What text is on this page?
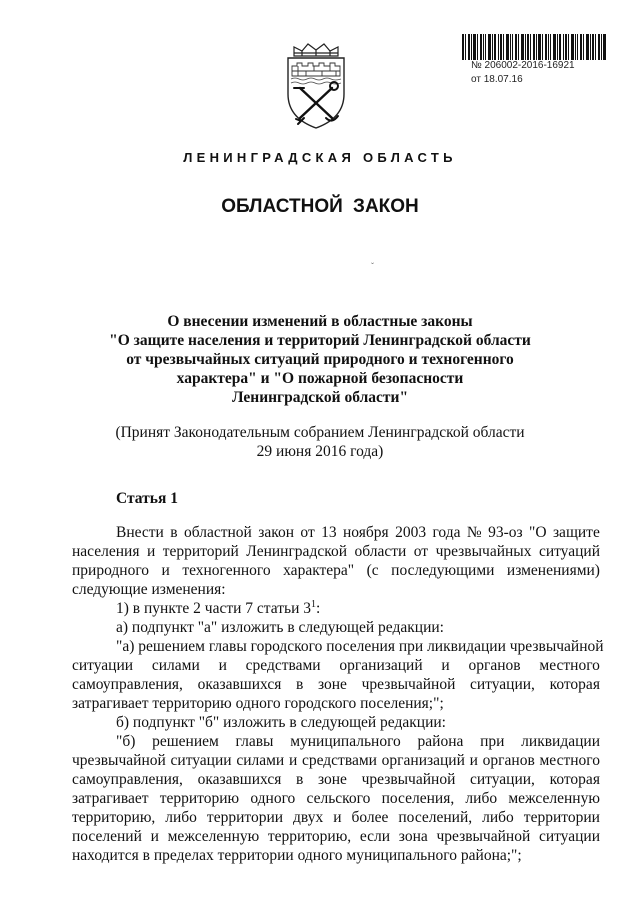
№ 206002-2016-16921
от 18.07.16
ЛЕНИНГРАДСКАЯ ОБЛАСТЬ
ОБЛАСТНОЙ ЗАКОН
ˇ
О внесении изменений в областные законы
"О защите населения и территорий Ленинградской области
от чрезвычайных ситуаций природного и техногенного
характера" и "О пожарной безопасности
Ленинградской области"
(Принят Законодательным собранием Ленинградской области
29 июня 2016 года)
Статья 1
Внести в областной закон от 13 ноября 2003 года № 93-оз "О защите
населения и территорий Ленинградской области от чрезвычайных ситуаций
природного и техногенного характера" (с последующими изменениями)
следующие изменения:
1) в пункте 2 части 7 статьи $3^1$:
а) подпункт "а" изложить в следующей редакции:
"а) решением главы городского поселения при ликвидации чрезвычайной
ситуации силами и средствами организаций и органов местного
самоуправления, оказавшихся в зоне чрезвычайной ситуации, которая
затрагивает территорию одного городского поселения;";
б) подпункт "б" изложить в следующей редакции:
"б) решением главы муниципального района при ликвидации
чрезвычайной ситуации силами и средствами организаций и органов местного
самоуправления, оказавшихся в зоне чрезвычайной ситуации, которая
затрагивает территорию одного сельского поселения, либо межселенную
территорию, либо территории двух и более поселений, либо территории
поселений и межселенную территорию, если зона чрезвычайной ситуации
находится в пределах территории одного муниципального района;";
